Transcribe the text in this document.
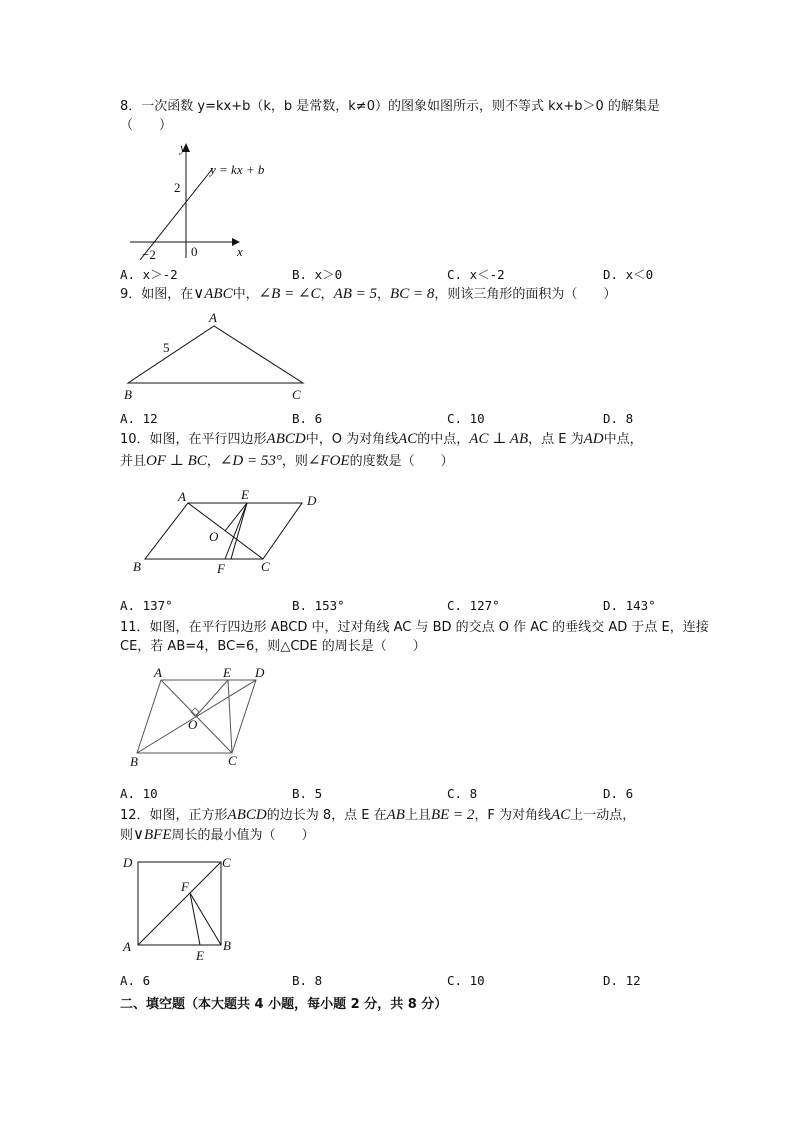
8．一次函数 y=kx+b（k，b 是常数，k≠0）的图象如图所示，则不等式 kx+b＞0 的解集是
（　　）
y
x
y = kx + b
2
−2	0
A. x＞-2	B. x＞0	C. x＜-2	D. x＜0
9．如图，在∨ABC中，∠B = ∠C，AB = 5，BC = 8，则该三角形的面积为（　　）
A
B	C
5
A. 12	B. 6	C. 10	D. 8
10．如图，在平行四边形ABCD中，O 为对角线AC的中点，AC ⊥ AB，点 E 为AD中点，
并且OF ⊥ BC，∠D = 53°，则∠FOE的度数是（　　）
A	D
E
O
B	F	C
A. 137°	B. 153°	C. 127°	D. 143°
11．如图，在平行四边形 ABCD 中，过对角线 AC 与 BD 的交点 O 作 AC 的垂线交 AD 于点 E，连接
CE，若 AB=4，BC=6，则△CDE 的周长是（　　）
A	E D
O
B	C
A. 10	B. 5	C. 8	D. 6
12．如图，正方形ABCD的边长为 8，点 E 在AB上且BE = 2，F 为对角线AC上一动点，
则∨BFE周长的最小值为（　　）
D	C
F
A	B
E
A. 6	B. 8	C. 10	D. 12
二、填空题（本大题共 4 小题，每小题 2 分，共 8 分）
